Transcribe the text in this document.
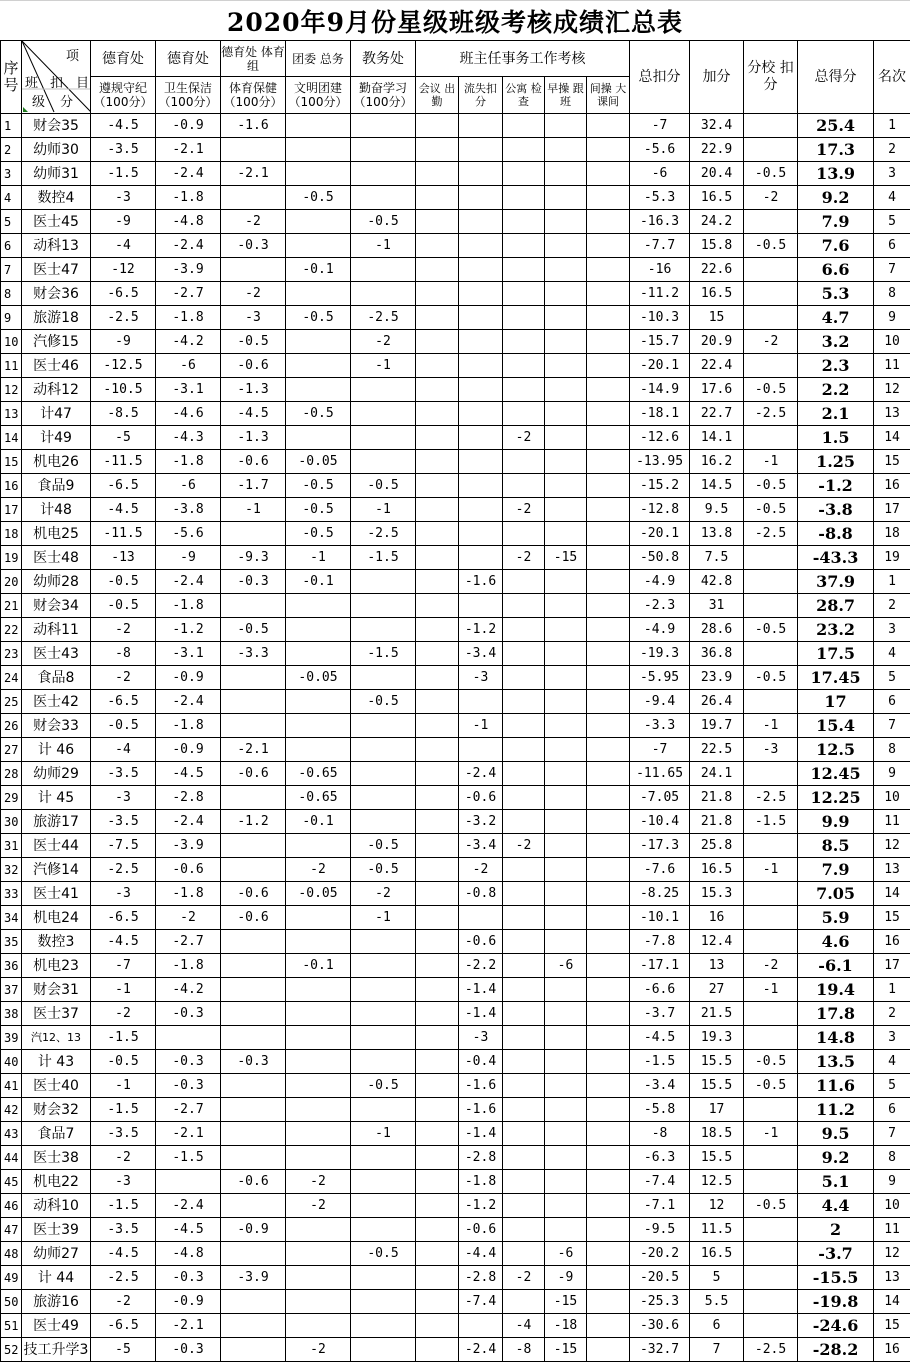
2020年9月份星级班级考核成绩汇总表
序号	
项
班 扣 目
级 分
	德育处	德育处	德育处 体育组	团委 总务	教务处	班主任事务工作考核	总扣分	加分	分校 扣分	总得分	名次
		遵规守纪 （100分）	卫生保洁 （100分）	体育保健 （100分）	文明团建 （100分）	勤奋学习 （100分）	会议 出勤	流失扣 分	公寓 检查	早操 跟班	间操 大课间					
1	财会35	-4.5	-0.9	-1.6								-7	32.4		25.4	1
2	幼师30	-3.5	-2.1									-5.6	22.9		17.3	2
3	幼师31	-1.5	-2.4	-2.1								-6	20.4	-0.5	13.9	3
4	数控4	-3	-1.8		-0.5							-5.3	16.5	-2	9.2	4
5	医士45	-9	-4.8	-2		-0.5						-16.3	24.2		7.9	5
6	动科13	-4	-2.4	-0.3		-1						-7.7	15.8	-0.5	7.6	6
7	医士47	-12	-3.9		-0.1							-16	22.6		6.6	7
8	财会36	-6.5	-2.7	-2								-11.2	16.5		5.3	8
9	旅游18	-2.5	-1.8	-3	-0.5	-2.5						-10.3	15		4.7	9
10	汽修15	-9	-4.2	-0.5		-2						-15.7	20.9	-2	3.2	10
11	医士46	-12.5	-6	-0.6		-1						-20.1	22.4		2.3	11
12	动科12	-10.5	-3.1	-1.3								-14.9	17.6	-0.5	2.2	12
13	计47	-8.5	-4.6	-4.5	-0.5							-18.1	22.7	-2.5	2.1	13
14	计49	-5	-4.3	-1.3					-2			-12.6	14.1		1.5	14
15	机电26	-11.5	-1.8	-0.6	-0.05							-13.95	16.2	-1	1.25	15
16	食品9	-6.5	-6	-1.7	-0.5	-0.5						-15.2	14.5	-0.5	-1.2	16
17	计48	-4.5	-3.8	-1	-0.5	-1			-2			-12.8	9.5	-0.5	-3.8	17
18	机电25	-11.5	-5.6		-0.5	-2.5						-20.1	13.8	-2.5	-8.8	18
19	医士48	-13	-9	-9.3	-1	-1.5			-2	-15		-50.8	7.5		-43.3	19
20	幼师28	-0.5	-2.4	-0.3	-0.1			-1.6				-4.9	42.8		37.9	1
21	财会34	-0.5	-1.8									-2.3	31		28.7	2
22	动科11	-2	-1.2	-0.5				-1.2				-4.9	28.6	-0.5	23.2	3
23	医士43	-8	-3.1	-3.3		-1.5		-3.4				-19.3	36.8		17.5	4
24	食品8	-2	-0.9		-0.05			-3				-5.95	23.9	-0.5	17.45	5
25	医士42	-6.5	-2.4			-0.5						-9.4	26.4		17	6
26	财会33	-0.5	-1.8					-1				-3.3	19.7	-1	15.4	7
27	计 46	-4	-0.9	-2.1								-7	22.5	-3	12.5	8
28	幼师29	-3.5	-4.5	-0.6	-0.65			-2.4				-11.65	24.1		12.45	9
29	计 45	-3	-2.8		-0.65			-0.6				-7.05	21.8	-2.5	12.25	10
30	旅游17	-3.5	-2.4	-1.2	-0.1			-3.2				-10.4	21.8	-1.5	9.9	11
31	医士44	-7.5	-3.9			-0.5		-3.4	-2			-17.3	25.8		8.5	12
32	汽修14	-2.5	-0.6		-2	-0.5		-2				-7.6	16.5	-1	7.9	13
33	医士41	-3	-1.8	-0.6	-0.05	-2		-0.8				-8.25	15.3		7.05	14
34	机电24	-6.5	-2	-0.6		-1						-10.1	16		5.9	15
35	数控3	-4.5	-2.7					-0.6				-7.8	12.4		4.6	16
36	机电23	-7	-1.8		-0.1			-2.2		-6		-17.1	13	-2	-6.1	17
37	财会31	-1	-4.2					-1.4				-6.6	27	-1	19.4	1
38	医士37	-2	-0.3					-1.4				-3.7	21.5		17.8	2
39	汽12、13	-1.5						-3				-4.5	19.3		14.8	3
40	计 43	-0.5	-0.3	-0.3				-0.4				-1.5	15.5	-0.5	13.5	4
41	医士40	-1	-0.3			-0.5		-1.6				-3.4	15.5	-0.5	11.6	5
42	财会32	-1.5	-2.7					-1.6				-5.8	17		11.2	6
43	食品7	-3.5	-2.1			-1		-1.4				-8	18.5	-1	9.5	7
44	医士38	-2	-1.5					-2.8				-6.3	15.5		9.2	8
45	机电22	-3		-0.6	-2			-1.8				-7.4	12.5		5.1	9
46	动科10	-1.5	-2.4		-2			-1.2				-7.1	12	-0.5	4.4	10
47	医士39	-3.5	-4.5	-0.9				-0.6				-9.5	11.5		2	11
48	幼师27	-4.5	-4.8			-0.5		-4.4		-6		-20.2	16.5		-3.7	12
49	计 44	-2.5	-0.3	-3.9				-2.8	-2	-9		-20.5	5		-15.5	13
50	旅游16	-2	-0.9					-7.4		-15		-25.3	5.5		-19.8	14
51	医士49	-6.5	-2.1						-4	-18		-30.6	6		-24.6	15
52	技工升学3	-5	-0.3		-2			-2.4	-8	-15		-32.7	7	-2.5	-28.2	16
